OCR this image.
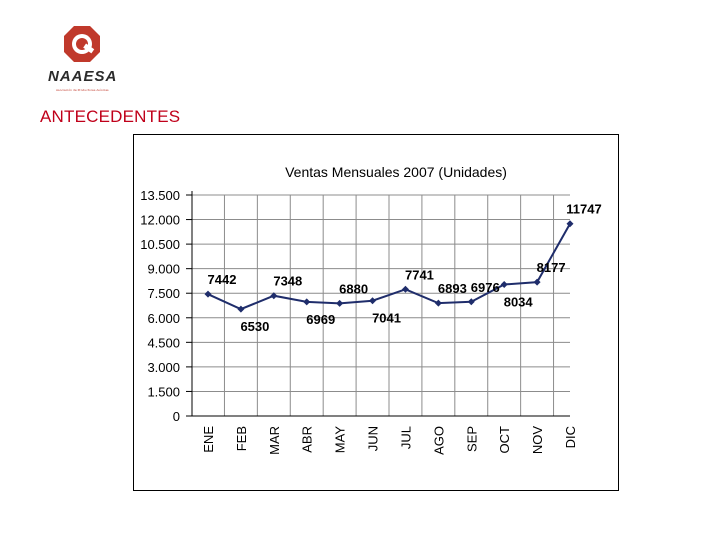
NAAESA
Asociación de Productores Avícolas
ANTECEDENTES
Ventas Mensuales 2007 (Unidades)
0
1.500
3.000
4.500
6.000
7.500
9.000
10.500
12.000
13.500
ENE FEB MAR ABR MAY JUN JUL AGO SEP OCT NOV DIC
7442
6530
7348
6969
6880
7041
7741
6893 6976
8034
8177
11747
